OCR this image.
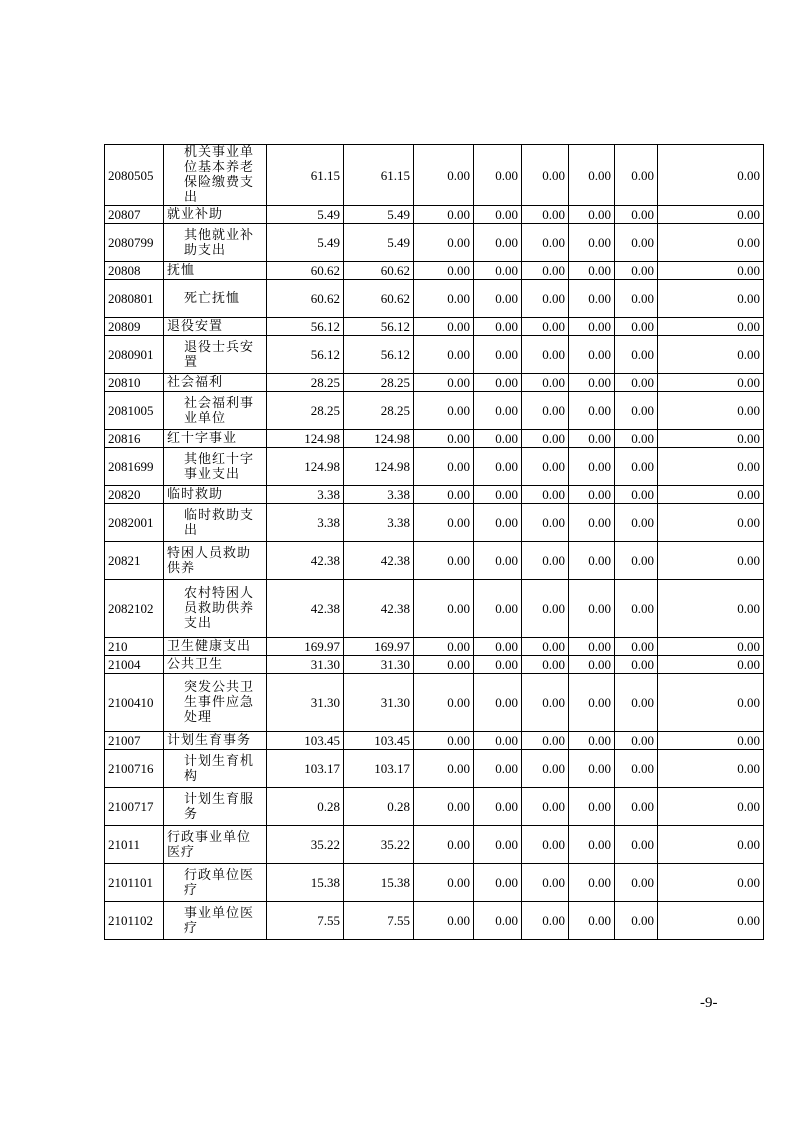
2080505	机关事业单位基本养老保险缴费支出	61.15	61.15	0.00	0.00	0.00	0.00	0.00	0.00
20807	就业补助	5.49	5.49	0.00	0.00	0.00	0.00	0.00	0.00
2080799	其他就业补助支出	5.49	5.49	0.00	0.00	0.00	0.00	0.00	0.00
20808	抚恤	60.62	60.62	0.00	0.00	0.00	0.00	0.00	0.00
2080801	死亡抚恤	60.62	60.62	0.00	0.00	0.00	0.00	0.00	0.00
20809	退役安置	56.12	56.12	0.00	0.00	0.00	0.00	0.00	0.00
2080901	退役士兵安置	56.12	56.12	0.00	0.00	0.00	0.00	0.00	0.00
20810	社会福利	28.25	28.25	0.00	0.00	0.00	0.00	0.00	0.00
2081005	社会福利事业单位	28.25	28.25	0.00	0.00	0.00	0.00	0.00	0.00
20816	红十字事业	124.98	124.98	0.00	0.00	0.00	0.00	0.00	0.00
2081699	其他红十字事业支出	124.98	124.98	0.00	0.00	0.00	0.00	0.00	0.00
20820	临时救助	3.38	3.38	0.00	0.00	0.00	0.00	0.00	0.00
2082001	临时救助支出	3.38	3.38	0.00	0.00	0.00	0.00	0.00	0.00
20821	特困人员救助供养	42.38	42.38	0.00	0.00	0.00	0.00	0.00	0.00
2082102	农村特困人员救助供养支出	42.38	42.38	0.00	0.00	0.00	0.00	0.00	0.00
210	卫生健康支出	169.97	169.97	0.00	0.00	0.00	0.00	0.00	0.00
21004	公共卫生	31.30	31.30	0.00	0.00	0.00	0.00	0.00	0.00
2100410	突发公共卫生事件应急处理	31.30	31.30	0.00	0.00	0.00	0.00	0.00	0.00
21007	计划生育事务	103.45	103.45	0.00	0.00	0.00	0.00	0.00	0.00
2100716	计划生育机构	103.17	103.17	0.00	0.00	0.00	0.00	0.00	0.00
2100717	计划生育服务	0.28	0.28	0.00	0.00	0.00	0.00	0.00	0.00
21011	行政事业单位医疗	35.22	35.22	0.00	0.00	0.00	0.00	0.00	0.00
2101101	行政单位医疗	15.38	15.38	0.00	0.00	0.00	0.00	0.00	0.00
2101102	事业单位医疗	7.55	7.55	0.00	0.00	0.00	0.00	0.00	0.00
-9-
